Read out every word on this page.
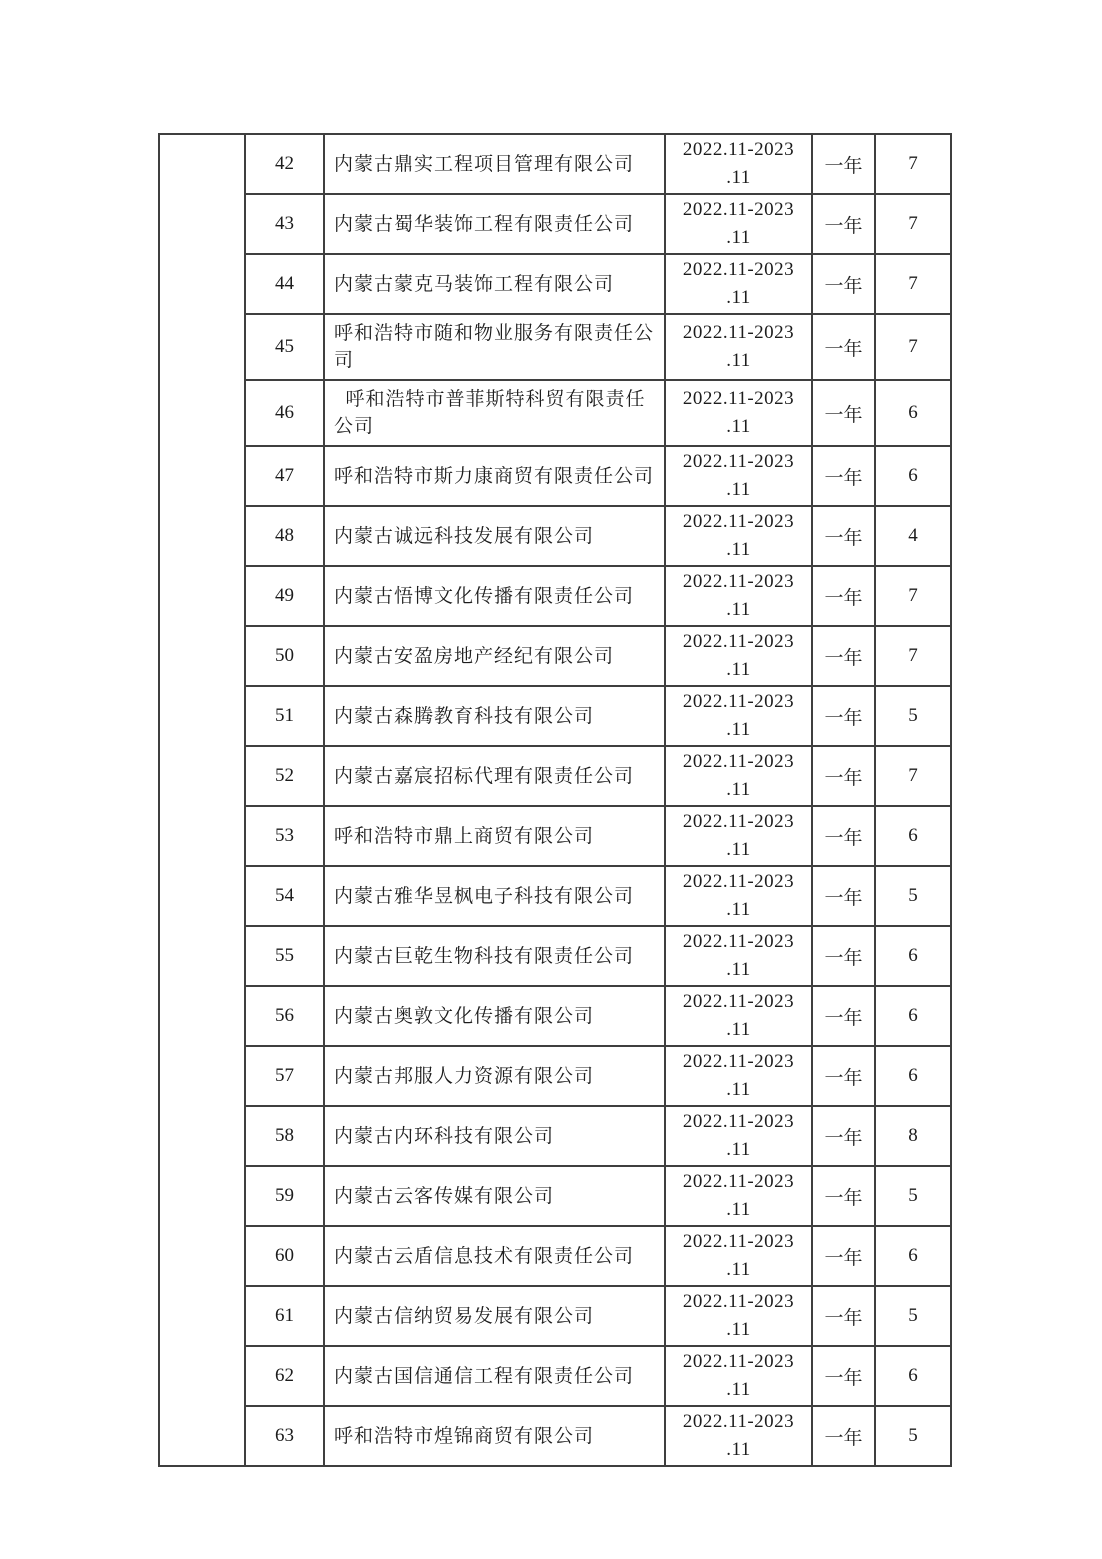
	42	内蒙古鼎实工程项目管理有限公司	2022.11-2023
.11	一年	7
	43	内蒙古蜀华装饰工程有限责任公司	2022.11-2023
.11	一年	7
	44	内蒙古蒙克马装饰工程有限公司	2022.11-2023
.11	一年	7
	45	呼和浩特市随和物业服务有限责任公司	2022.11-2023
.11	一年	7
	46	呼和浩特市普菲斯特科贸有限责任公司	2022.11-2023
.11	一年	6
	47	呼和浩特市斯力康商贸有限责任公司	2022.11-2023
.11	一年	6
	48	内蒙古诚远科技发展有限公司	2022.11-2023
.11	一年	4
	49	内蒙古悟博文化传播有限责任公司	2022.11-2023
.11	一年	7
	50	内蒙古安盈房地产经纪有限公司	2022.11-2023
.11	一年	7
	51	内蒙古森腾教育科技有限公司	2022.11-2023
.11	一年	5
	52	内蒙古嘉宸招标代理有限责任公司	2022.11-2023
.11	一年	7
	53	呼和浩特市鼎上商贸有限公司	2022.11-2023
.11	一年	6
	54	内蒙古雅华昱枫电子科技有限公司	2022.11-2023
.11	一年	5
	55	内蒙古巨乾生物科技有限责任公司	2022.11-2023
.11	一年	6
	56	内蒙古奥敦文化传播有限公司	2022.11-2023
.11	一年	6
	57	内蒙古邦服人力资源有限公司	2022.11-2023
.11	一年	6
	58	内蒙古内环科技有限公司	2022.11-2023
.11	一年	8
	59	内蒙古云客传媒有限公司	2022.11-2023
.11	一年	5
	60	内蒙古云盾信息技术有限责任公司	2022.11-2023
.11	一年	6
	61	内蒙古信纳贸易发展有限公司	2022.11-2023
.11	一年	5
	62	内蒙古国信通信工程有限责任公司	2022.11-2023
.11	一年	6
	63	呼和浩特市煌锦商贸有限公司	2022.11-2023
.11	一年	5
